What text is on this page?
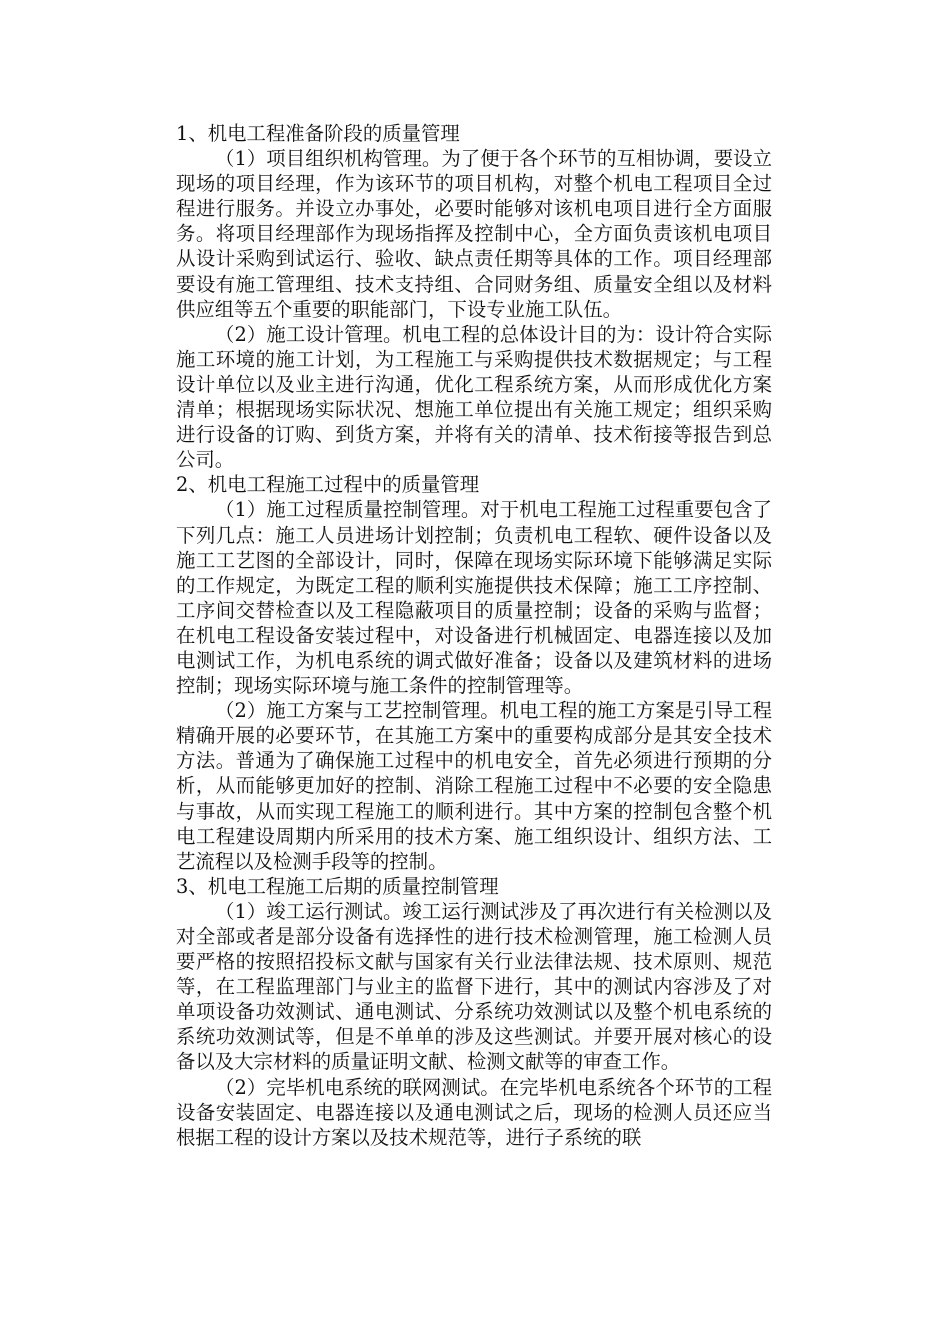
1、机电工程准备阶段的质量管理

（1）项目组织机构管理。为了便于各个环节的互相协调，要设立现场的项目经理，作为该环节的项目机构，对整个机电工程项目全过程进行服务。并设立办事处，必要时能够对该机电项目进行全方面服务。将项目经理部作为现场指挥及控制中心，全方面负责该机电项目从设计采购到试运行、验收、缺点责任期等具体的工作。项目经理部要设有施工管理组、技术支持组、合同财务组、质量安全组以及材料供应组等五个重要的职能部门，下设专业施工队伍。

（2）施工设计管理。机电工程的总体设计目的为：设计符合实际施工环境的施工计划，为工程施工与采购提供技术数据规定；与工程设计单位以及业主进行沟通，优化工程系统方案，从而形成优化方案清单；根据现场实际状况、想施工单位提出有关施工规定；组织采购进行设备的订购、到货方案，并将有关的清单、技术衔接等报告到总公司。

2、机电工程施工过程中的质量管理

（1）施工过程质量控制管理。对于机电工程施工过程重要包含了下列几点：施工人员进场计划控制；负责机电工程软、硬件设备以及施工工艺图的全部设计，同时，保障在现场实际环境下能够满足实际的工作规定，为既定工程的顺利实施提供技术保障；施工工序控制、工序间交替检查以及工程隐蔽项目的质量控制；设备的采购与监督；在机电工程设备安装过程中，对设备进行机械固定、电器连接以及加电测试工作，为机电系统的调式做好准备；设备以及建筑材料的进场控制；现场实际环境与施工条件的控制管理等。

（2）施工方案与工艺控制管理。机电工程的施工方案是引导工程精确开展的必要环节，在其施工方案中的重要构成部分是其安全技术方法。普通为了确保施工过程中的机电安全，首先必须进行预期的分析，从而能够更加好的控制、消除工程施工过程中不必要的安全隐患与事故，从而实现工程施工的顺利进行。其中方案的控制包含整个机电工程建设周期内所采用的技术方案、施工组织设计、组织方法、工艺流程以及检测手段等的控制。

3、机电工程施工后期的质量控制管理

（1）竣工运行测试。竣工运行测试涉及了再次进行有关检测以及对全部或者是部分设备有选择性的进行技术检测管理，施工检测人员要严格的按照招投标文献与国家有关行业法律法规、技术原则、规范等，在工程监理部门与业主的监督下进行，其中的测试内容涉及了对单项设备功效测试、通电测试、分系统功效测试以及整个机电系统的系统功效测试等，但是不单单的涉及这些测试。并要开展对核心的设备以及大宗材料的质量证明文献、检测文献等的审查工作。

（2）完毕机电系统的联网测试。在完毕机电系统各个环节的工程设备安装固定、电器连接以及通电测试之后，现场的检测人员还应当根据工程的设计方案以及技术规范等，进行子系统的联
